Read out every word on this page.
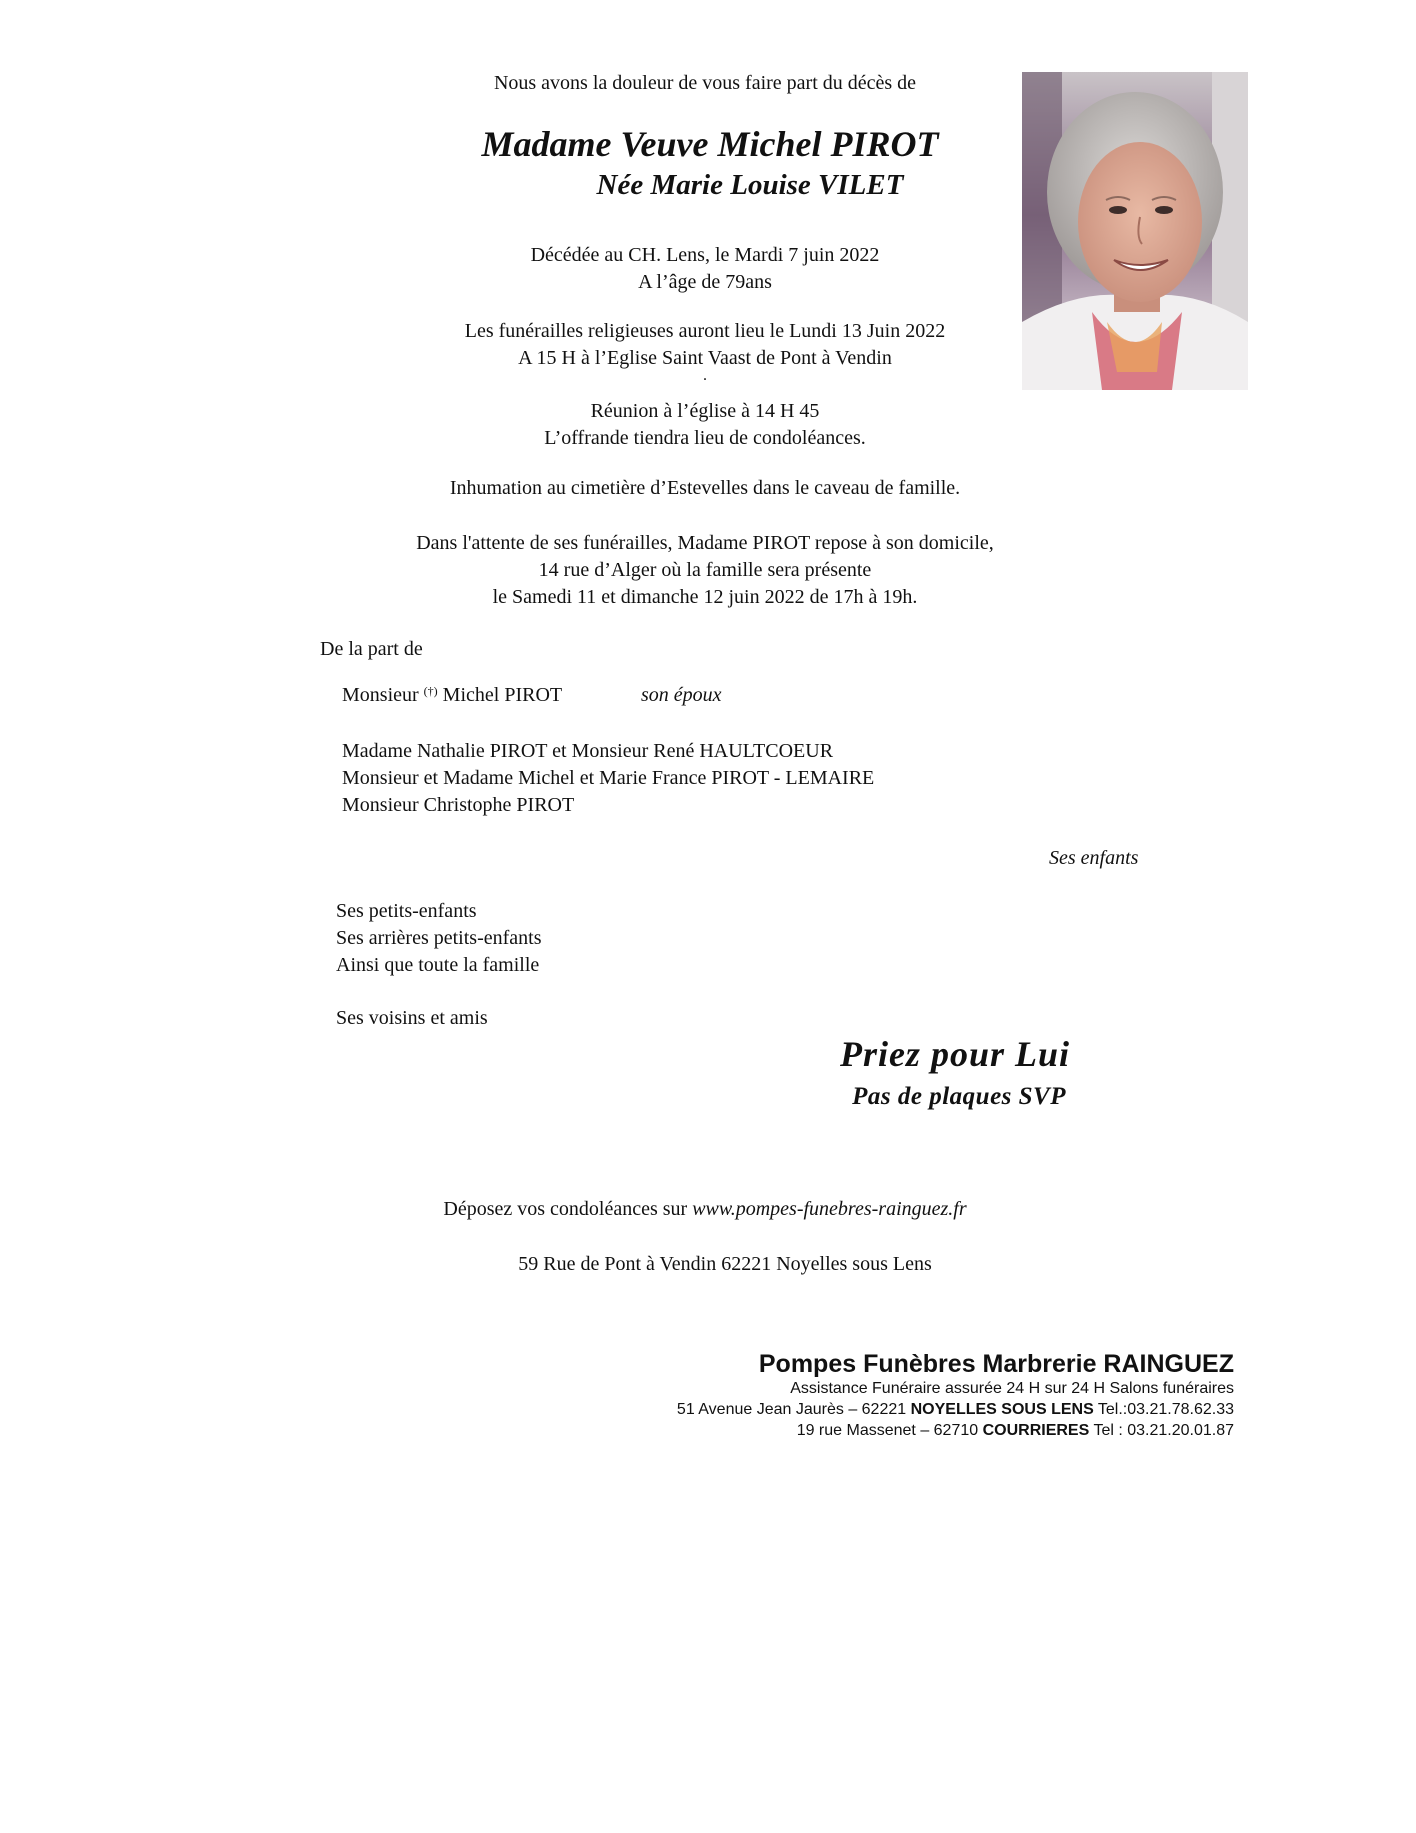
Nous avons la douleur de vous faire part du décès de
Madame Veuve Michel PIROT
Née Marie Louise VILET
Décédée au CH. Lens, le Mardi 7 juin 2022
A l’âge de 79ans
Les funérailles religieuses auront lieu le Lundi 13 Juin 2022
A 15 H à l’Eglise Saint Vaast de Pont à Vendin
.
Réunion à l’église à 14 H 45
L’offrande tiendra lieu de condoléances.
Inhumation au cimetière d’Estevelles dans le caveau de famille.
Dans l'attente de ses funérailles, Madame PIROT repose à son domicile,
14 rue d’Alger où la famille sera présente
le Samedi 11 et dimanche 12 juin 2022 de 17h à 19h.
De la part de
Monsieur (†) Michel PIROT	son époux
Madame Nathalie PIROT et Monsieur René HAULTCOEUR
Monsieur et Madame Michel et Marie France PIROT - LEMAIRE
Monsieur Christophe PIROT
Ses enfants
Ses petits-enfants
Ses arrières petits-enfants
Ainsi que toute la famille
Ses voisins et amis
Priez pour Lui
Pas de plaques SVP
Déposez vos condoléances sur www.pompes-funebres-rainguez.fr
59 Rue de Pont à Vendin 62221 Noyelles sous Lens
Pompes Funèbres Marbrerie RAINGUEZ
Assistance Funéraire assurée 24 H sur 24 H Salons funéraires
51 Avenue Jean Jaurès – 62221 NOYELLES SOUS LENS Tel.:03.21.78.62.33
19 rue Massenet – 62710 COURRIERES Tel : 03.21.20.01.87
